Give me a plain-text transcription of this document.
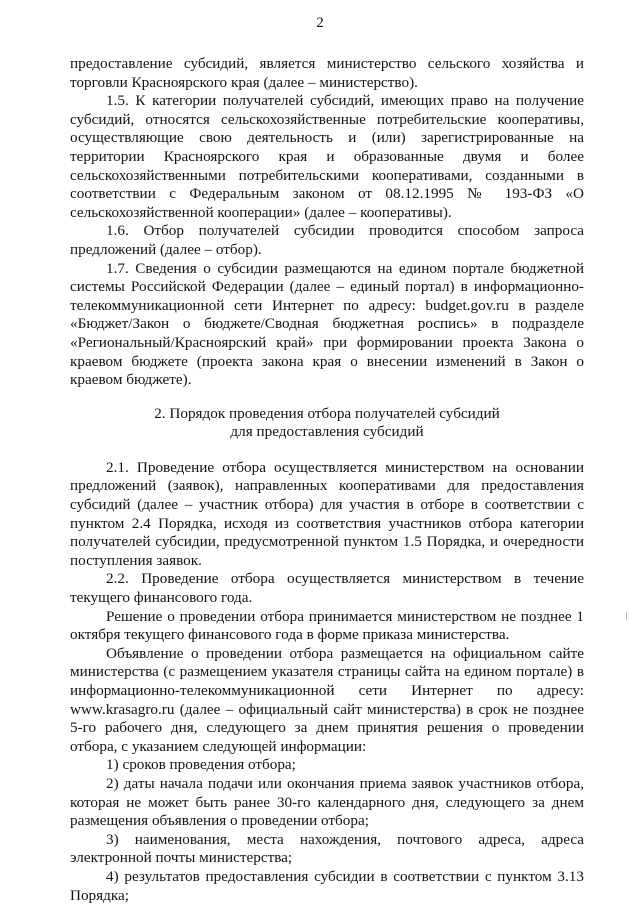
2

предоставление субсидий, является министерство сельского хозяйства и торговли Красноярского края (далее – министерство).

1.5. К категории получателей субсидий, имеющих право на получение субсидий, относятся сельскохозяйственные потребительские кооперативы, осуществляющие свою деятельность и (или) зарегистрированные на территории Красноярского края и образованные двумя и более сельскохозяйственными потребительскими кооперативами, созданными в соответствии с Федеральным законом от 08.12.1995 № 193-ФЗ «О сельскохозяйственной кооперации» (далее – кооперативы).

1.6. Отбор получателей субсидии проводится способом запроса предложений (далее – отбор).

1.7. Сведения о субсидии размещаются на едином портале бюджетной системы Российской Федерации (далее – единый портал) в информационно-телекоммуникационной сети Интернет по адресу: budget.gov.ru в разделе «Бюджет/Закон о бюджете/Сводная бюджетная роспись» в подразделе «Региональный/Красноярский край» при формировании проекта Закона о краевом бюджете (проекта закона края о внесении изменений в Закон о краевом бюджете).

2. Порядок проведения отбора получателей субсидий
для предоставления субсидий

2.1. Проведение отбора осуществляется министерством на основании предложений (заявок), направленных кооперативами для предоставления субсидий (далее – участник отбора) для участия в отборе в соответствии с пунктом 2.4 Порядка, исходя из соответствия участников отбора категории получателей субсидии, предусмотренной пунктом 1.5 Порядка, и очередности поступления заявок.

2.2. Проведение отбора осуществляется министерством в течение текущего финансового года.

Решение о проведении отбора принимается министерством не позднее 1 октября текущего финансового года в форме приказа министерства.

Объявление о проведении отбора размещается на официальном сайте министерства (с размещением указателя страницы сайта на едином портале) в информационно-телекоммуникационной сети Интернет по адресу: www.krasagro.ru (далее – официальный сайт министерства) в срок не позднее 5-го рабочего дня, следующего за днем принятия решения о проведении отбора, с указанием следующей информации:

1) сроков проведения отбора;

2) даты начала подачи или окончания приема заявок участников отбора, которая не может быть ранее 30-го календарного дня, следующего за днем размещения объявления о проведении отбора;

3) наименования, места нахождения, почтового адреса, адреса электронной почты министерства;

4) результатов предоставления субсидии в соответствии с пунктом 3.13 Порядка;
